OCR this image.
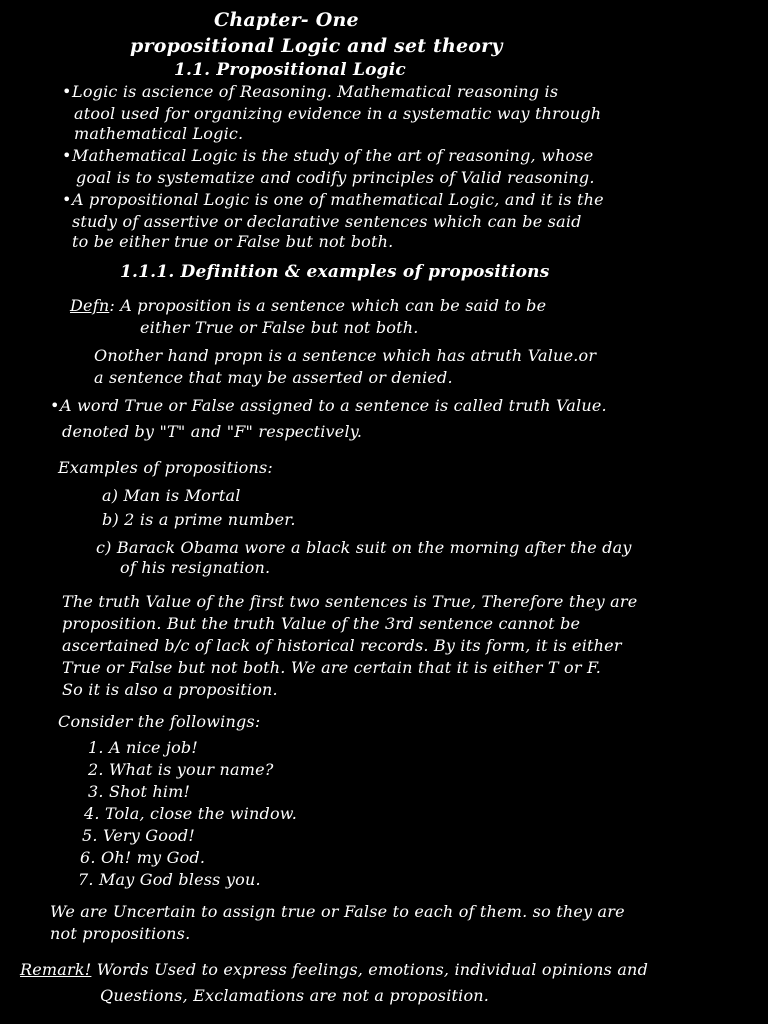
Chapter- One
propositional Logic and set theory
1.1. Propositional Logic
•Logic is ascience of Reasoning. Mathematical reasoning is
atool used for organizing evidence in a systematic way through
mathematical Logic.
•Mathematical Logic is the study of the art of reasoning, whose
goal is to systematize and codify principles of Valid reasoning.
•A propositional Logic is one of mathematical Logic, and it is the
study of assertive or declarative sentences which can be said
to be either true or False but not both.
1.1.1. Definition & examples of propositions
Defn: A proposition is a sentence which can be said to be
either True or False but not both.
Onother hand propn is a sentence which has atruth Value.or
a sentence that may be asserted or denied.
•A word True or False assigned to a sentence is called truth Value.
denoted by "T" and "F" respectively.
Examples of propositions:
a) Man is Mortal
b) 2 is a prime number.
c) Barack Obama wore a black suit on the morning after the day
of his resignation.
The truth Value of the first two sentences is True, Therefore they are
proposition. But the truth Value of the 3rd sentence cannot be
ascertained b/c of lack of historical records. By its form, it is either
True or False but not both. We are certain that it is either T or F.
So it is also a proposition.
Consider the followings:
1. A nice job!
2. What is your name?
3. Shot him!
4. Tola, close the window.
5. Very Good!
6. Oh! my God.
7. May God bless you.
We are Uncertain to assign true or False to each of them. so they are
not propositions.
Remark! Words Used to express feelings, emotions, individual opinions and
Questions, Exclamations are not a proposition.
